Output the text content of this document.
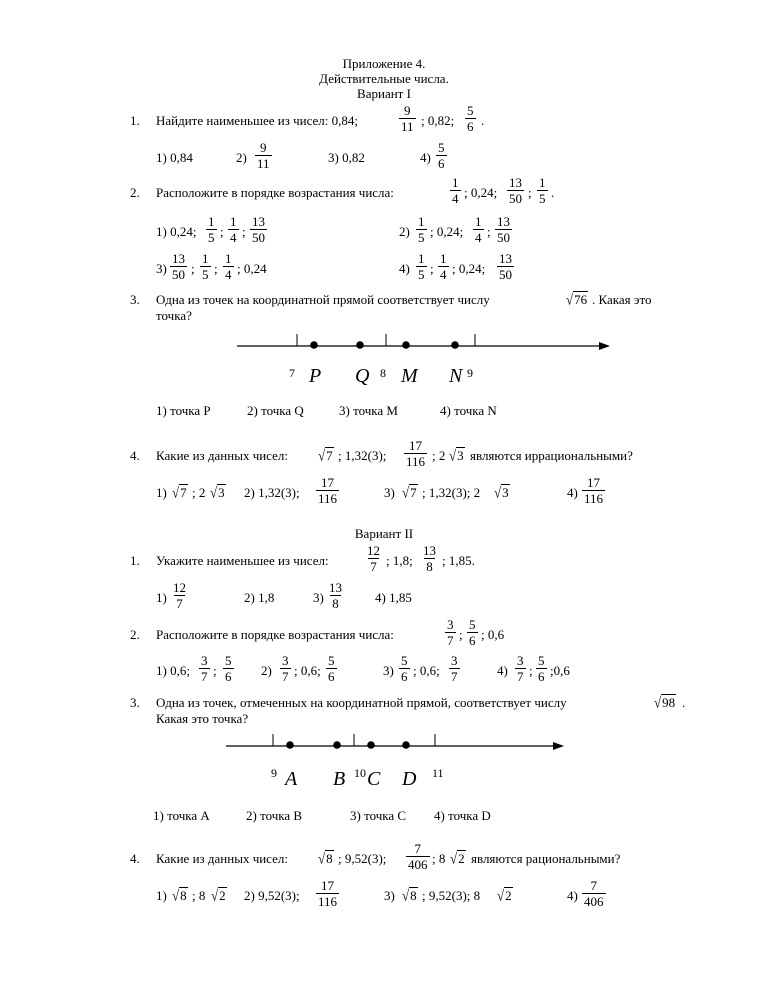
Приложение 4.
Действительные числа.
Вариант I
1. Найдите наименьшее из чисел: 0,84;
9
11 ; 0,82;
5
6 .
1) 0,84	2)
9
11	3) 0,82	4)
5
6
2. Расположите в порядке возрастания числа:
1
4 ; 0,24;
13
50 ;
1
5 .
1) 0,24;
1
5 ;
1
4 ;
13
50	2)
1
5 ; 0,24;
1
4 ;
13
50
3)
13
50 ;
1
5 ;
1
4 ; 0,24	4)
1
5 ;
1
4 ; 0,24;
13
50
3. Одна из точек на координатной прямой соответствует числу	√76 . Какая это
точка?
7 P Q 8 M N 9
1) точка P	2) точка Q	3) точка M	4) точка N
4. Какие из данных чисел: √7 ; 1,32(3);
17
116 ; 2 √3 являются иррациональными?
1) √7 ; 2 √3 2) 1,32(3);
17
116	3) √7 ; 1,32(3); 2 √3	4)
17
116
Вариант II
1. Укажите наименьшее из чисел:
12
7 ; 1,8;
13
8 ; 1,85.
1)
12
7	2) 1,8	3)
13
8	4) 1,85
2. Расположите в порядке возрастания числа:
3
7 ;
5
6 ; 0,6
1) 0,6;
3
7 ;
5
6 2)
3
7 ; 0,6;
5
6	3)
5
6 ; 0,6;
3
7	4)
3
7 ;
5
6 ;0,6
3. Одна из точек, отмеченных на координатной прямой, соответствует числу	√98 .
Какая это точка?
9 A B 10 C D 11
1) точка A	2) точка B	3) точка C 4) точка D
4. Какие из данных чисел: √8 ; 9,52(3);
7
406 ; 8 √2 являются рациональными?
1) √8 ; 8 √2 2) 9,52(3);
17
116	3) √8 ; 9,52(3); 8 √2	4)
7
406
